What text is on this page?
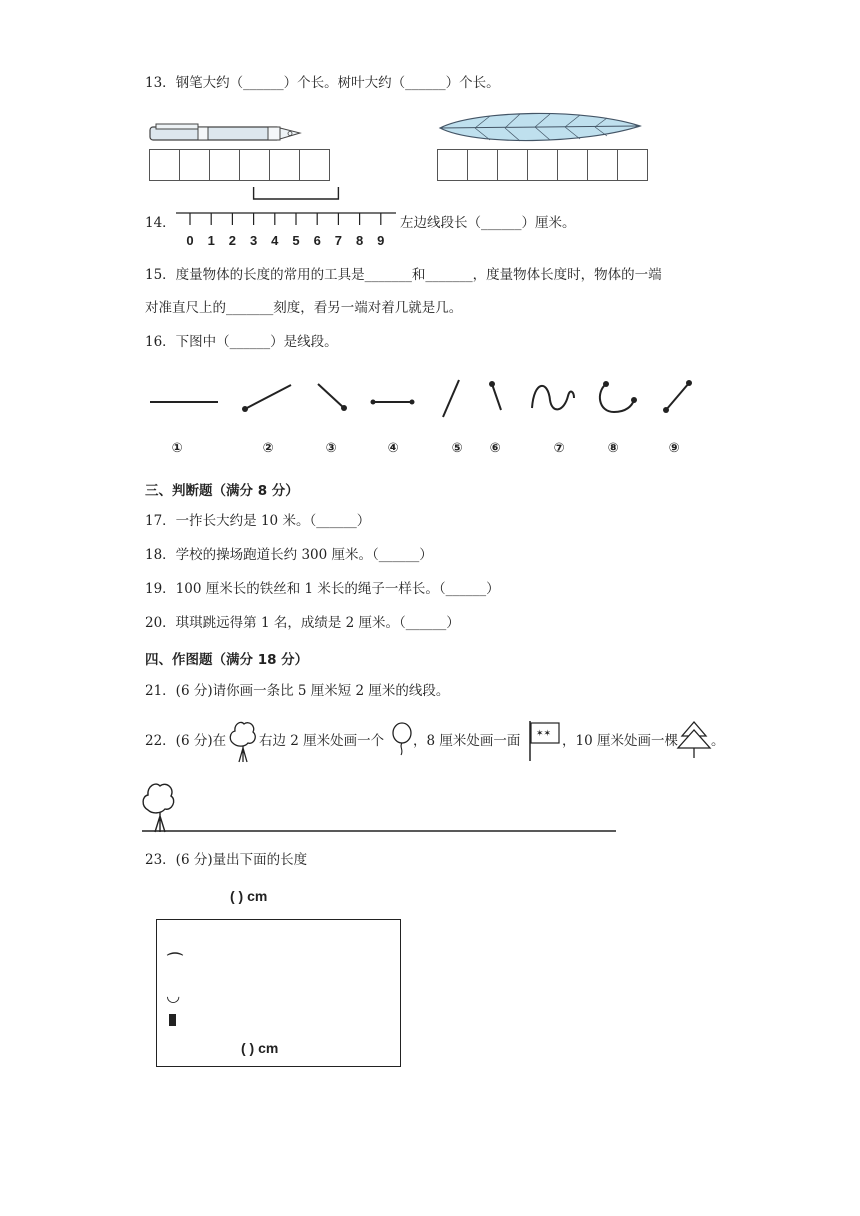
13．钢笔大约（______）个长。树叶大约（______）个长。
14．
0 1 2 3 4 5 6 7 8 9
左边线段长（______）厘米。
15．度量物体的长度的常用的工具是_______和_______，度量物体长度时，物体的一端
对准直尺上的_______刻度，看另一端对着几就是几。
16．下图中（______）是线段。
①	②	③	④	⑤ ⑥	⑦	⑧	⑨
三、判断题（满分 8 分）
17．一拃长大约是 10 米。（______）
18．学校的操场跑道长约 300 厘米。（______）
19．100 厘米长的铁丝和 1 米长的绳子一样长。（______）
20．琪琪跳远得第 1 名，成绩是 2 厘米。（______）
四、作图题（满分 18 分）
21．(6 分)请你画一条比 5 厘米短 2 厘米的线段。
22．(6 分)在 右边 2 厘米处画一个 ，8 厘米处画一面 ✶✶ ，10 厘米处画一棵 。
23．(6 分)量出下面的长度
( ) cm
⌒
◡
( ) cm
